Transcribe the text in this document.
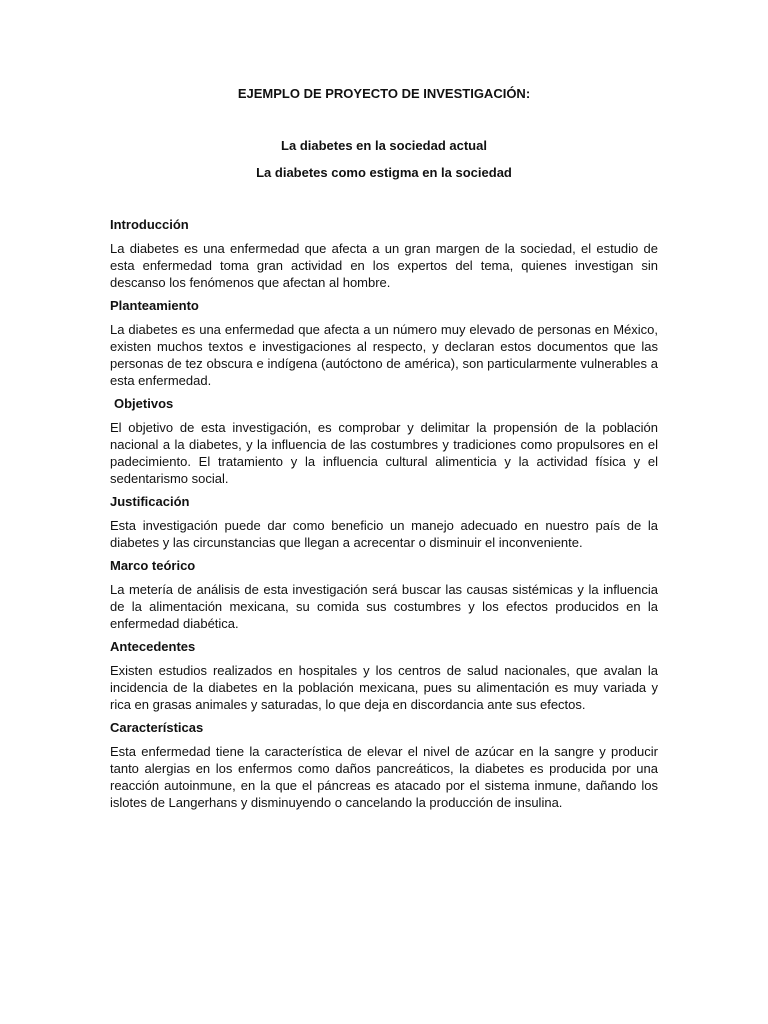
EJEMPLO DE PROYECTO DE INVESTIGACIÓN:

La diabetes en la sociedad actual

La diabetes como estigma en la sociedad

Introducción

La diabetes es una enfermedad que afecta a un gran margen de la sociedad, el estudio de esta enfermedad toma gran actividad en los expertos del tema, quienes investigan sin descanso los fenómenos que afectan al hombre.

Planteamiento

La diabetes es una enfermedad que afecta a un número muy elevado de personas en México, existen muchos textos e investigaciones al respecto, y declaran estos documentos que las personas de tez obscura e indígena (autóctono de américa), son particularmente vulnerables a esta enfermedad.

Objetivos

El objetivo de esta investigación, es comprobar y delimitar la propensión de la población nacional a la diabetes, y la influencia de las costumbres y tradiciones como propulsores en el padecimiento. El tratamiento y la influencia cultural alimenticia y la actividad física y el sedentarismo social.

Justificación

Esta investigación puede dar como beneficio un manejo adecuado en nuestro país de la diabetes y las circunstancias que llegan a acrecentar o disminuir el inconveniente.

Marco teórico

La metería de análisis de esta investigación será buscar las causas sistémicas y la influencia de la alimentación mexicana, su comida sus costumbres y los efectos producidos en la enfermedad diabética.

Antecedentes

Existen estudios realizados en hospitales y los centros de salud nacionales, que avalan la incidencia de la diabetes en la población mexicana, pues su alimentación es muy variada y rica en grasas animales y saturadas, lo que deja en discordancia ante sus efectos.

Características

Esta enfermedad tiene la característica de elevar el nivel de azúcar en la sangre y producir tanto alergias en los enfermos como daños pancreáticos, la diabetes es producida por una reacción autoinmune, en la que el páncreas es atacado por el sistema inmune, dañando los islotes de Langerhans y disminuyendo o cancelando la producción de insulina.
